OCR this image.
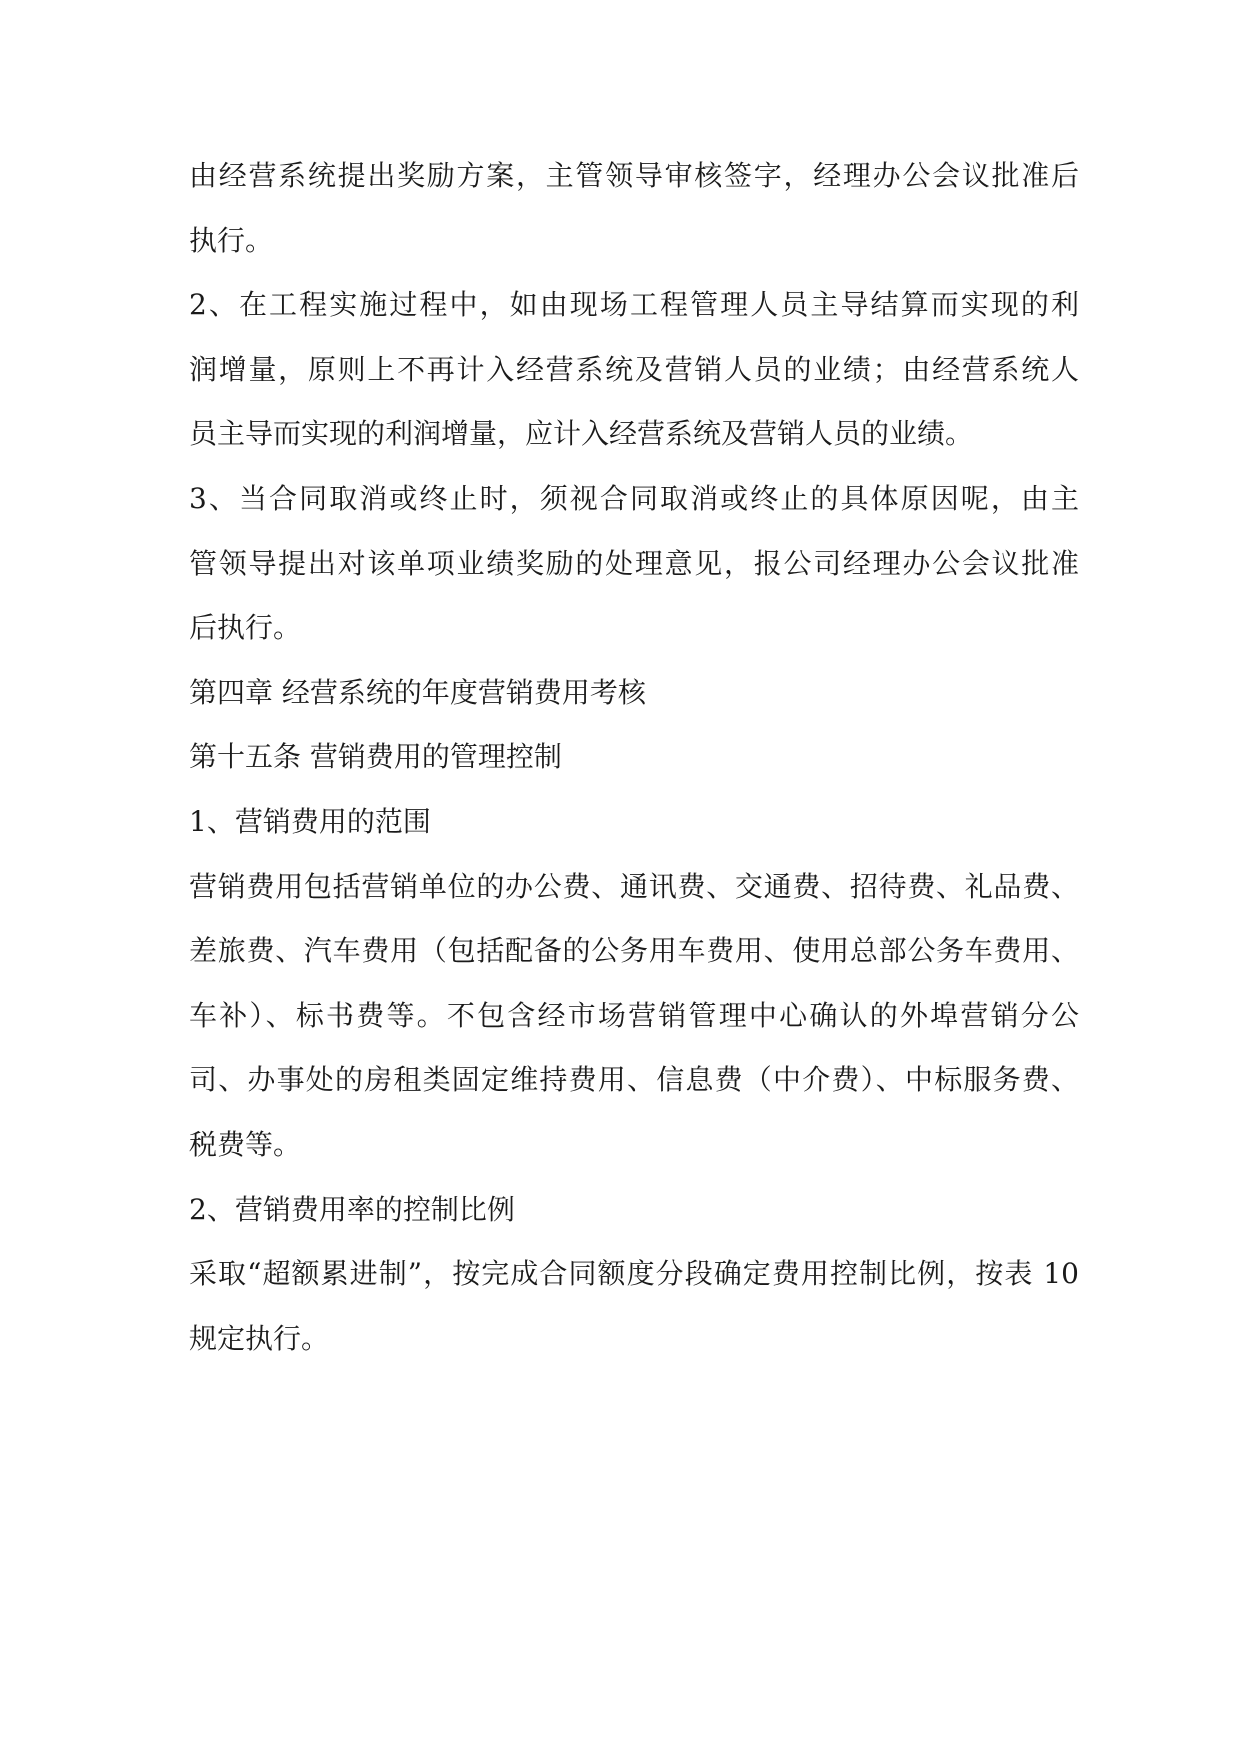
由经营系统提出奖励方案，主管领导审核签字，经理办公会议批准后
执行。
2、在工程实施过程中，如由现场工程管理人员主导结算而实现的利
润增量，原则上不再计入经营系统及营销人员的业绩；由经营系统人
员主导而实现的利润增量，应计入经营系统及营销人员的业绩。
3、当合同取消或终止时，须视合同取消或终止的具体原因呢，由主
管领导提出对该单项业绩奖励的处理意见，报公司经理办公会议批准
后执行。
第四章 经营系统的年度营销费用考核
第十五条 营销费用的管理控制
1、营销费用的范围
营销费用包括营销单位的办公费、通讯费、交通费、招待费、礼品费、
差旅费、汽车费用（包括配备的公务用车费用、使用总部公务车费用、
车补）、标书费等。不包含经市场营销管理中心确认的外埠营销分公
司、办事处的房租类固定维持费用、信息费（中介费）、中标服务费、
税费等。
2、营销费用率的控制比例
采取“超额累进制”，按完成合同额度分段确定费用控制比例，按表 10
规定执行。
